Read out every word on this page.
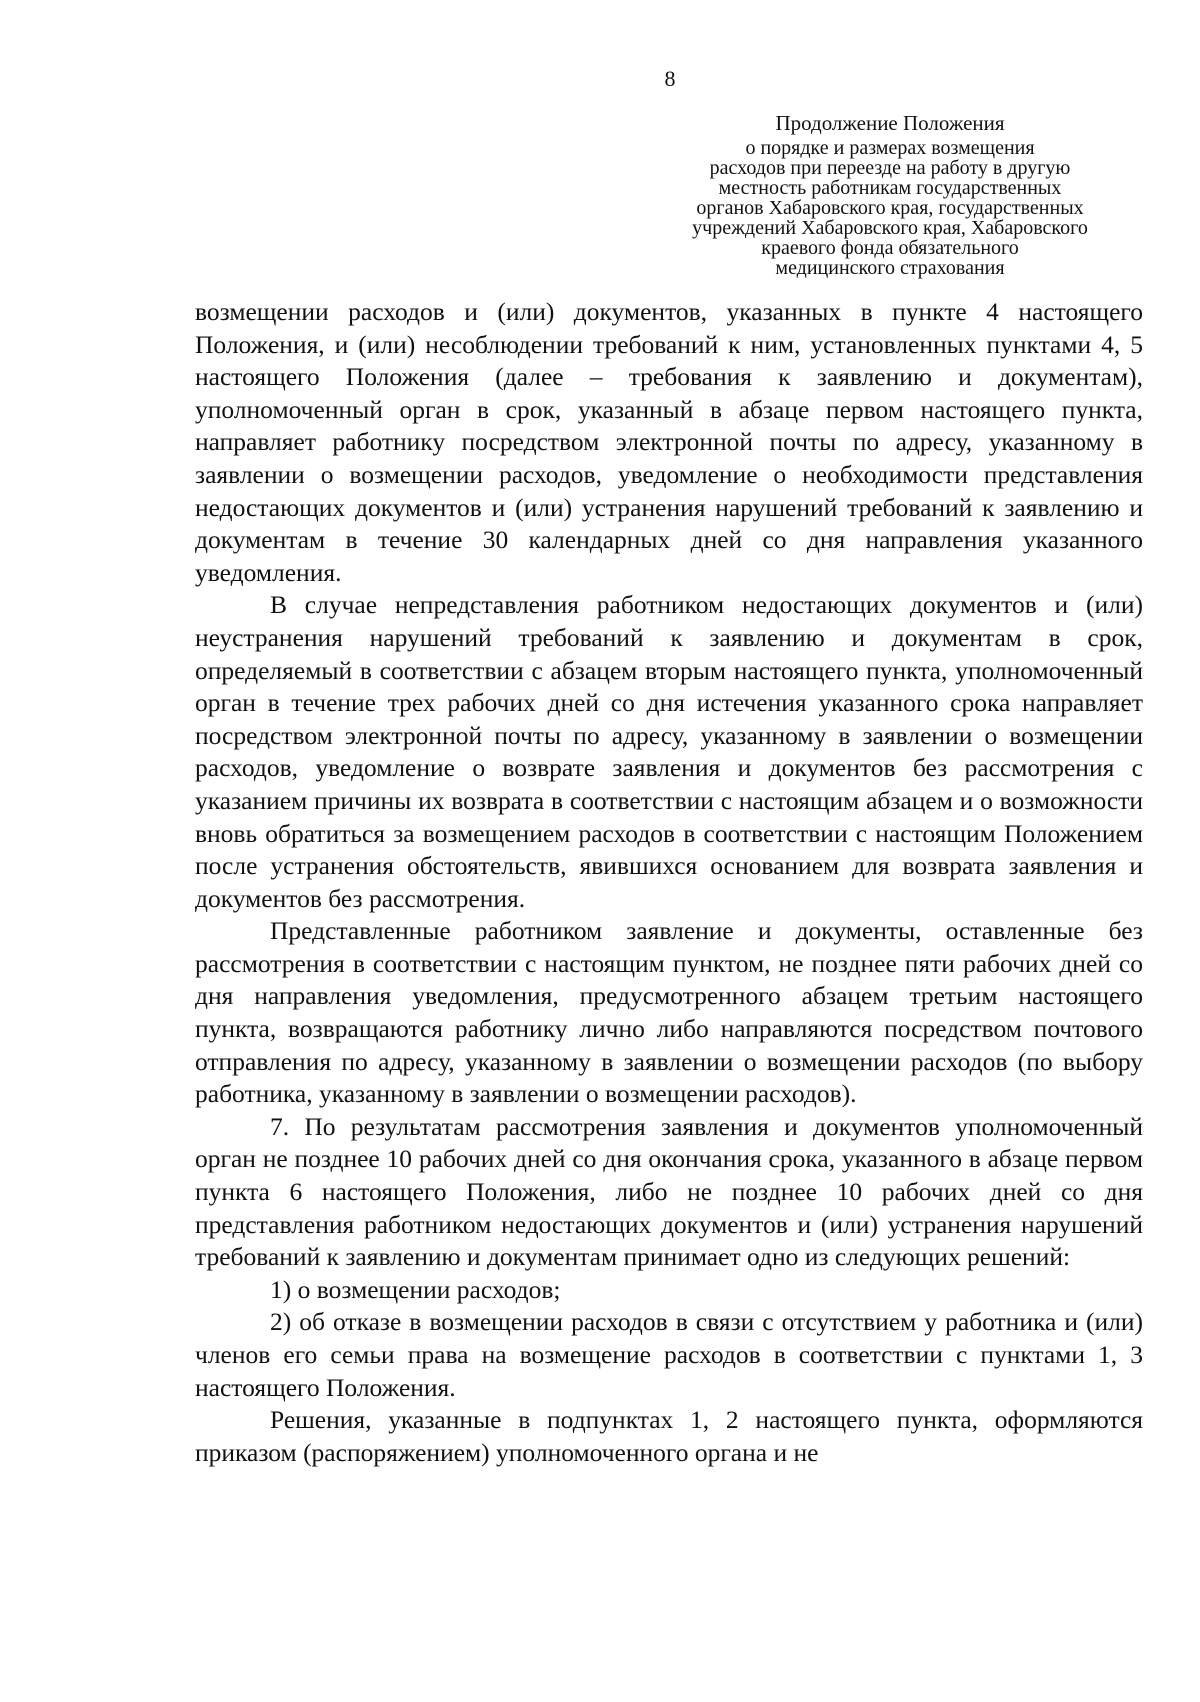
8
Продолжение Положения
о порядке и размерах возмещения
расходов при переезде на работу в другую
местность работникам государственных
органов Хабаровского края, государственных
учреждений Хабаровского края, Хабаровского
краевого фонда обязательного
медицинского страхования

возмещении расходов и (или) документов, указанных в пункте 4 настоящего Положения, и (или) несоблюдении требований к ним, установленных пунктами 4, 5 настоящего Положения (далее – требования к заявлению и документам), уполномоченный орган в срок, указанный в абзаце первом настоящего пункта, направляет работнику посредством электронной почты по адресу, указанному в заявлении о возмещении расходов, уведомление о необходимости представления недостающих документов и (или) устранения нарушений требований к заявлению и документам в течение 30 календарных дней со дня направления указанного уведомления.

В случае непредставления работником недостающих документов и (или) неустранения нарушений требований к заявлению и документам в срок, определяемый в соответствии с абзацем вторым настоящего пункта, уполномоченный орган в течение трех рабочих дней со дня истечения указанного срока направляет посредством электронной почты по адресу, указанному в заявлении о возмещении расходов, уведомление о возврате заявления и документов без рассмотрения с указанием причины их возврата в соответствии с настоящим абзацем и о возможности вновь обратиться за возмещением расходов в соответствии с настоящим Положением после устранения обстоятельств, явившихся основанием для возврата заявления и документов без рассмотрения.

Представленные работником заявление и документы, оставленные без рассмотрения в соответствии с настоящим пунктом, не позднее пяти рабочих дней со дня направления уведомления, предусмотренного абзацем третьим настоящего пункта, возвращаются работнику лично либо направляются посредством почтового отправления по адресу, указанному в заявлении о возмещении расходов (по выбору работника, указанному в заявлении о возмещении расходов).

7. По результатам рассмотрения заявления и документов уполномоченный орган не позднее 10 рабочих дней со дня окончания срока, указанного в абзаце первом пункта 6 настоящего Положения, либо не позднее 10 рабочих дней со дня представления работником недостающих документов и (или) устранения нарушений требований к заявлению и документам принимает одно из следующих решений:

1) о возмещении расходов;

2) об отказе в возмещении расходов в связи с отсутствием у работника и (или) членов его семьи права на возмещение расходов в соответствии с пунктами 1, 3 настоящего Положения.

Решения, указанные в подпунктах 1, 2 настоящего пункта, оформляются приказом (распоряжением) уполномоченного органа и не
